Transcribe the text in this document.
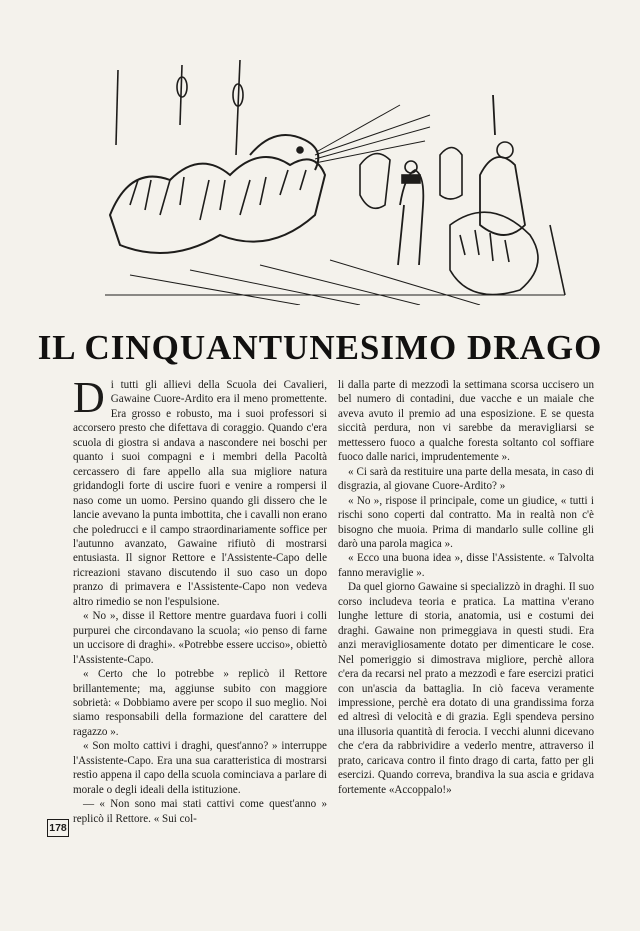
IL CINQUANTUNESIMO DRAGO

Di tutti gli allievi della Scuola dei Cavalieri, Gawaine Cuore-Ardito era il meno promettente. Era grosso e robusto, ma i suoi professori si accorsero presto che difettava di coraggio. Quando c'era scuola di giostra si andava a nascondere nei boschi per quanto i suoi compagni e i membri della Pacoltà cercassero di fare appello alla sua migliore natura gridandogli forte di uscire fuori e venire a rompersi il naso come un uomo. Persino quando gli dissero che le lancie avevano la punta imbottita, che i cavalli non erano che poledrucci e il campo straordinariamente soffice per l'autunno avanzato, Gawaine rifiutò di mostrarsi entusiasta. Il signor Rettore e l'Assistente-Capo delle ricreazioni stavano discutendo il suo caso un dopo pranzo di primavera e l'Assistente-Capo non vedeva altro rimedio se non l'espulsione.

« No », disse il Rettore mentre guardava fuori i colli purpurei che circondavano la scuola; «io penso di farne un uccisore di draghi». «Potrebbe essere ucciso», obiettò l'Assistente-Capo.

« Certo che lo potrebbe » replicò il Rettore brillantemente; ma, aggiunse subito con maggiore sobrietà: « Dobbiamo avere per scopo il suo meglio. Noi siamo responsabili della formazione del carattere del ragazzo ».

« Son molto cattivi i draghi, quest'anno? » interruppe l'Assistente-Capo. Era una sua caratteristica di mostrarsi restìo appena il capo della scuola cominciava a parlare di morale o degli ideali della istituzione.

— « Non sono mai stati cattivi come quest'anno » replicò il Rettore. « Sui col-

li dalla parte di mezzodì la settimana scorsa uccisero un bel numero di contadini, due vacche e un maiale che aveva avuto il premio ad una esposizione. E se questa siccità perdura, non vi sarebbe da meravigliarsi se mettessero fuoco a qualche foresta soltanto col soffiare fuoco dalle narici, imprudentemente ».

« Ci sarà da restituire una parte della mesata, in caso di disgrazia, al giovane Cuore-Ardito? »

« No », rispose il principale, come un giudice, « tutti i rischi sono coperti dal contratto. Ma in realtà non c'è bisogno che muoia. Prima di mandarlo sulle colline gli darò una parola magica ».

« Ecco una buona idea », disse l'Assistente. « Talvolta fanno meraviglie ».

Da quel giorno Gawaine si specializzò in draghi. Il suo corso includeva teoria e pratica. La mattina v'erano lunghe letture di storia, anatomia, usi e costumi dei draghi. Gawaine non primeggiava in questi studi. Era anzi meravigliosamente dotato per dimenticare le cose. Nel pomeriggio si dimostrava migliore, perchè allora c'era da recarsi nel prato a mezzodì e fare esercizi pratici con un'ascia da battaglia. In ciò faceva veramente impressione, perchè era dotato di una grandissima forza ed altresì di velocità e di grazia. Egli spendeva persino una illusoria quantità di ferocia. I vecchi alunni dicevano che c'era da rabbrividire a vederlo mentre, attraverso il prato, caricava contro il finto drago di carta, fatto per gli esercizi. Quando correva, brandiva la sua ascia e gridava fortemente «Accoppalo!»

178
